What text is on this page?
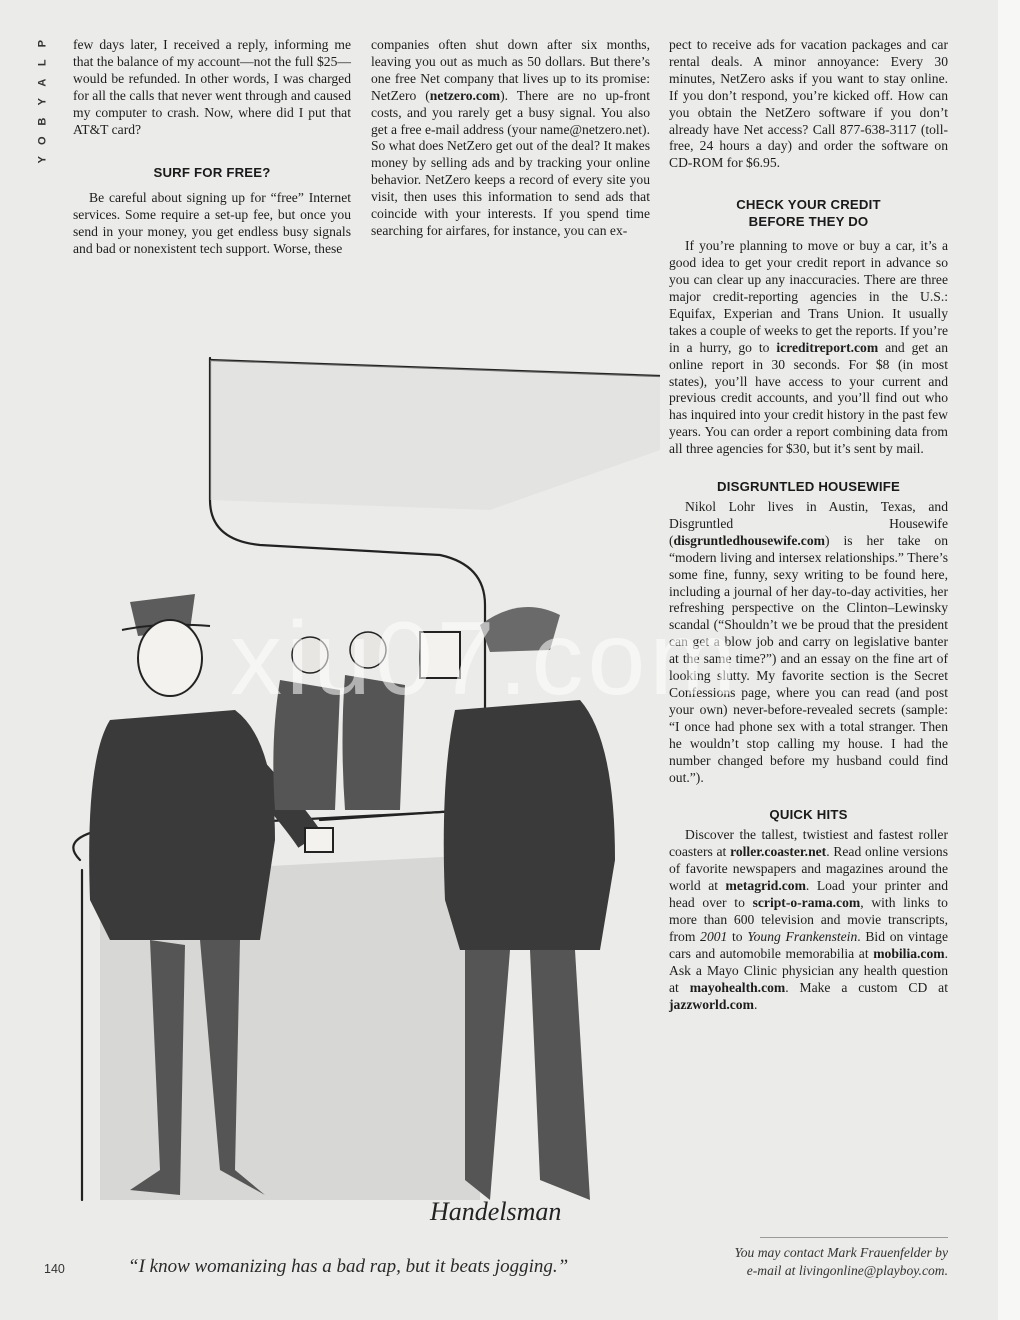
P
L
A
Y
B
O
Y

few days later, I received a reply, informing me that the balance of my account—not the full $25—would be refunded. In other words, I was charged for all the calls that never went through and caused my computer to crash. Now, where did I put that AT&T card?

SURF FOR FREE?

Be careful about signing up for “free” Internet services. Some require a set-up fee, but once you send in your money, you get endless busy signals and bad or nonexistent tech support. Worse, these

companies often shut down after six months, leaving you out as much as 50 dollars. But there’s one free Net company that lives up to its promise: NetZero (netzero.com). There are no up-front costs, and you rarely get a busy signal. You also get a free e-mail address (your name@netzero.net). So what does NetZero get out of the deal? It makes money by selling ads and by tracking your online behavior. NetZero keeps a record of every site you visit, then uses this information to send ads that coincide with your interests. If you spend time searching for airfares, for instance, you can ex-

pect to receive ads for vacation packages and car rental deals. A minor annoyance: Every 30 minutes, NetZero asks if you want to stay online. If you don’t respond, you’re kicked off. How can you obtain the NetZero software if you don’t already have Net access? Call 877-638-3117 (toll-free, 24 hours a day) and order the software on CD-ROM for $6.95.

CHECK YOUR CREDIT
BEFORE THEY DO

If you’re planning to move or buy a car, it’s a good idea to get your credit report in advance so you can clear up any inaccuracies. There are three major credit-reporting agencies in the U.S.: Equifax, Experian and Trans Union. It usually takes a couple of weeks to get the reports. If you’re in a hurry, go to icreditreport.com and get an online report in 30 seconds. For $8 (in most states), you’ll have access to your current and previous credit accounts, and you’ll find out who has inquired into your credit history in the past few years. You can order a report combining data from all three agencies for $30, but it’s sent by mail.

DISGRUNTLED HOUSEWIFE

Nikol Lohr lives in Austin, Texas, and Disgruntled Housewife (disgruntledhousewife.com) is her take on “modern living and intersex relationships.” There’s some fine, funny, sexy writing to be found here, including a journal of her day-to-day activities, her refreshing perspective on the Clinton–Lewinsky scandal (“Shouldn’t we be proud that the president can get a blow job and carry on legislative banter at the same time?”) and an essay on the fine art of looking slutty. My favorite section is the Secret Confessions page, where you can read (and post your own) never-before-revealed secrets (sample: “I once had phone sex with a total stranger. Then he wouldn’t stop calling my house. I had the number changed before my husband could find out.”).

QUICK HITS

Discover the tallest, twistiest and fastest roller coasters at roller.coaster.net. Read online versions of favorite newspapers and magazines around the world at metagrid.com. Load your printer and head over to script-o-rama.com, with links to more than 600 television and movie transcripts, from 2001 to Young Frankenstein. Bid on vintage cars and automobile memorabilia at mobilia.com. Ask a Mayo Clinic physician any health question at mayohealth.com. Make a custom CD at jazzworld.com.

Handelsman
“I know womanizing has a bad rap, but it beats jogging.”
140
You may contact Mark Frauenfelder by
e-mail at livingonline@playboy.com.
xiu07.com
